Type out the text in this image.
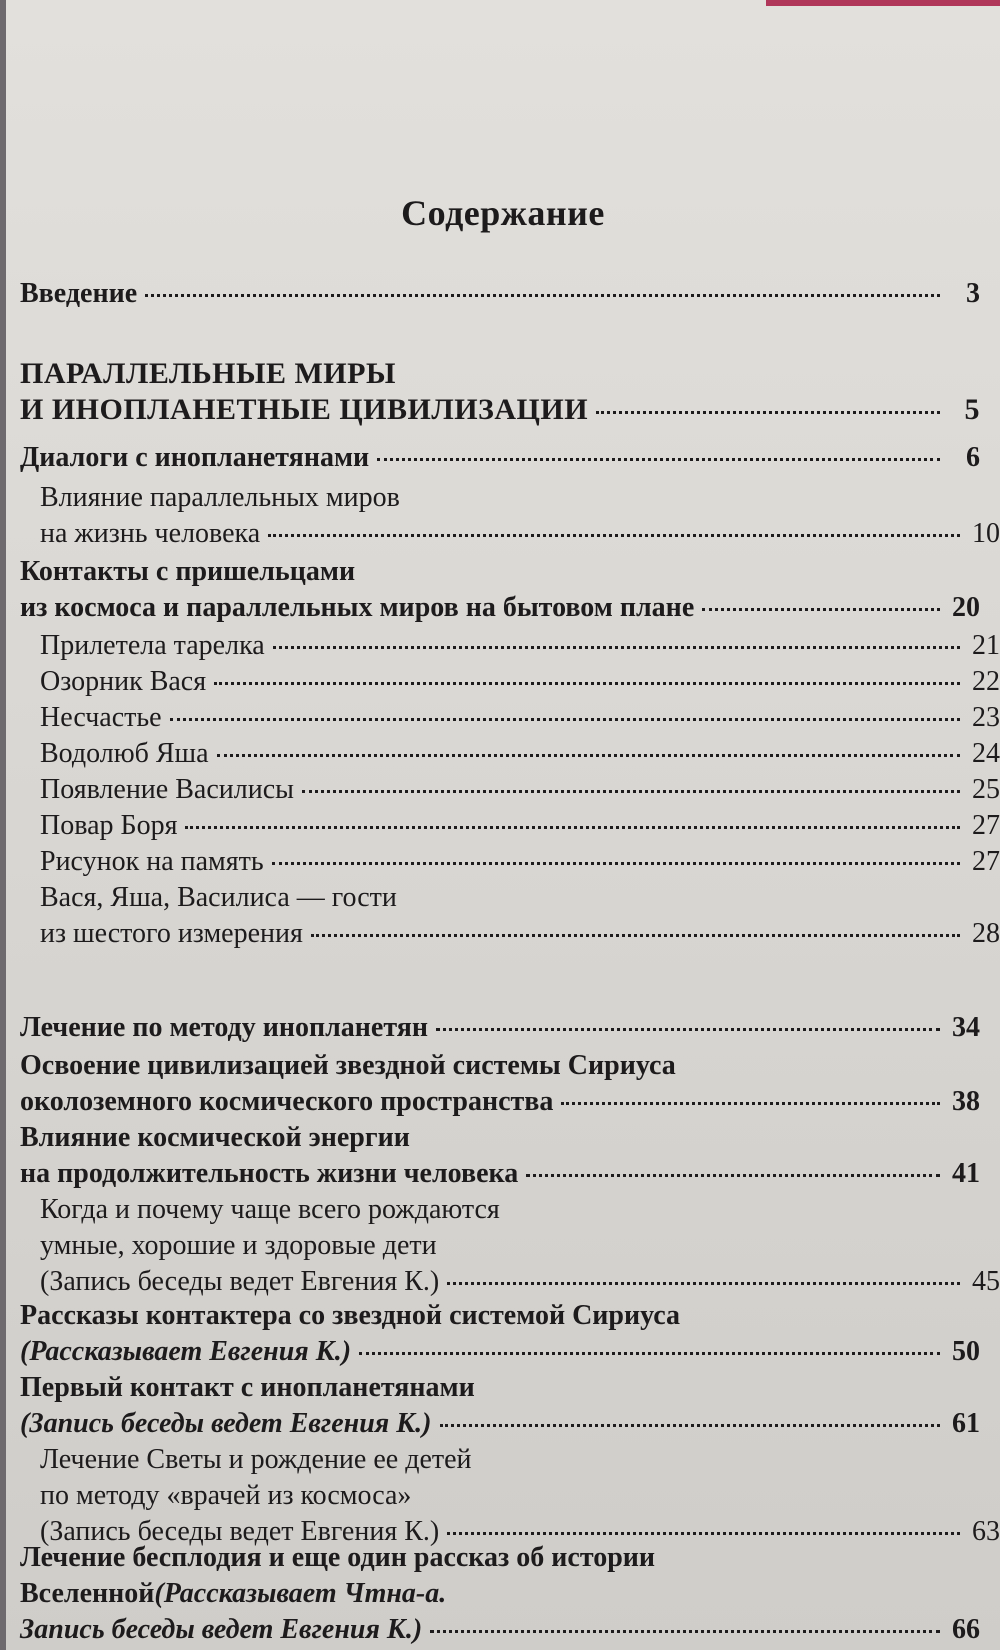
Содержание
Введение	3
ПАРАЛЛЕЛЬНЫЕ МИРЫ
И ИНОПЛАНЕТНЫЕ ЦИВИЛИЗАЦИИ	5
Диалоги с инопланетянами	6
Влияние параллельных миров
на жизнь человека	10
Контакты с пришельцами
из космоса и параллельных миров на бытовом плане	20
Прилетела тарелка	21
Озорник Вася	22
Несчастье	23
Водолюб Яша	24
Появление Василисы	25
Повар Боря	27
Рисунок на память	27
Вася, Яша, Василиса — гости
из шестого измерения	28
Лечение по методу инопланетян	34
Освоение цивилизацией звездной системы Сириуса
околоземного космического пространства	38
Влияние космической энергии
на продолжительность жизни человека	41
Когда и почему чаще всего рождаются
умные, хорошие и здоровые дети
(Запись беседы ведет Евгения К.)	45
Рассказы контактера со звездной системой Сириуса
(Рассказывает Евгения К.)	50
Первый контакт с инопланетянами
(Запись беседы ведет Евгения К.)	61
Лечение Светы и рождение ее детей
по методу «врачей из космоса»
(Запись беседы ведет Евгения К.)	63
Лечение бесплодия и еще один рассказ об истории
Вселенной (Рассказывает Чтна-а.
Запись беседы ведет Евгения К.)	66
